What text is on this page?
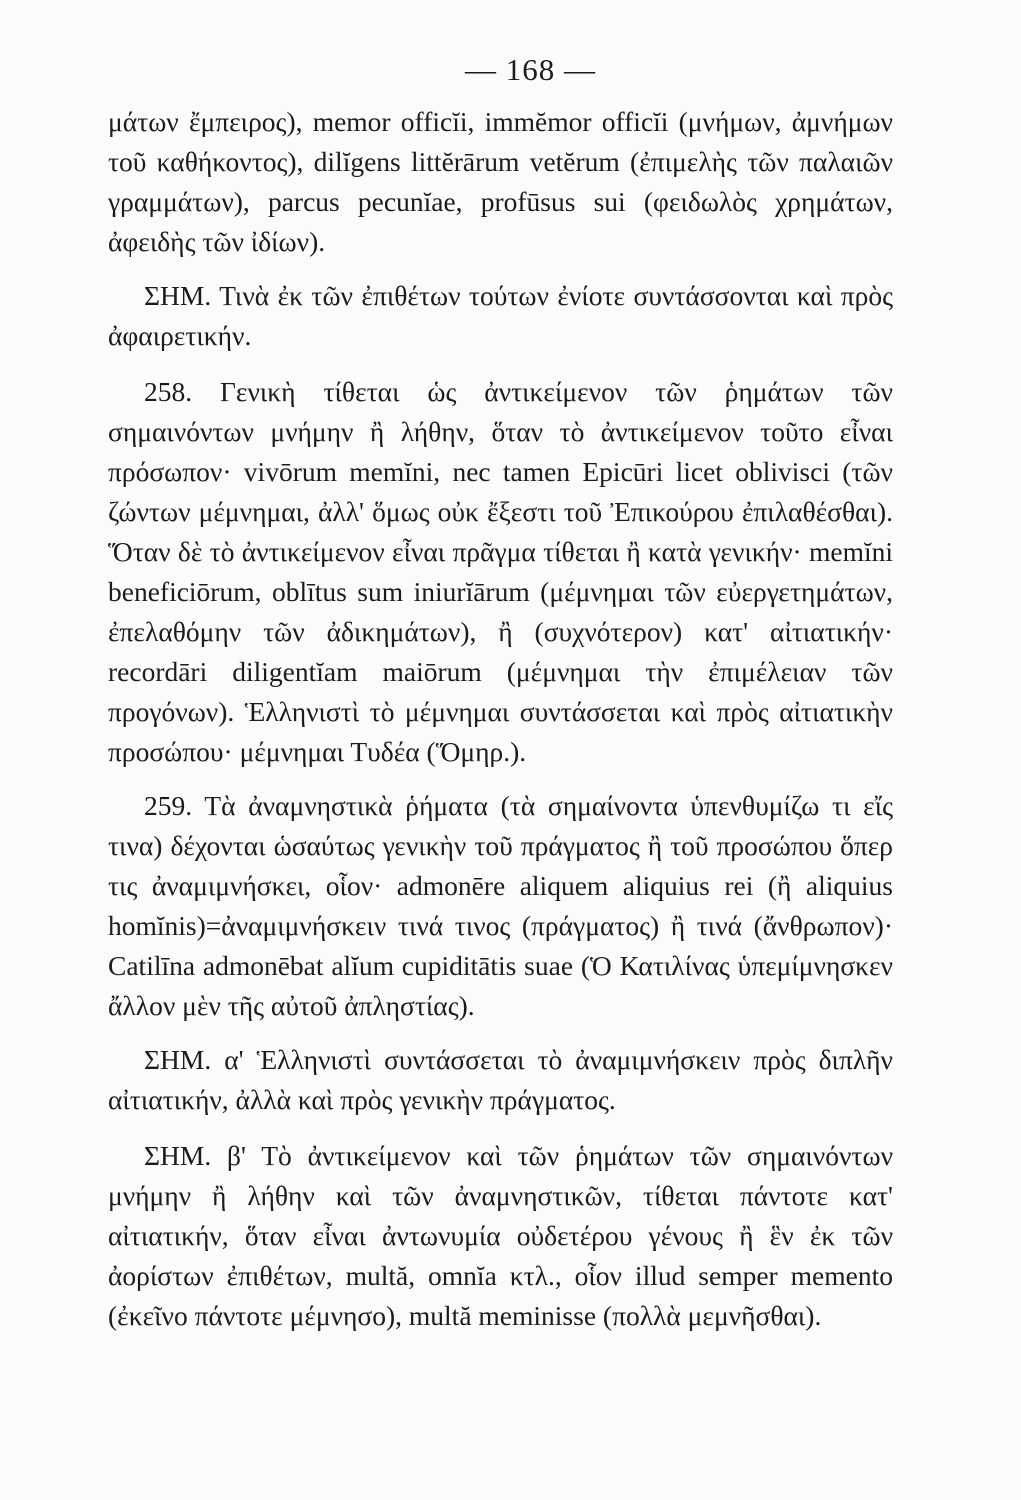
— 168 —

μάτων ἔμπειρος), memor officĭi, immĕmor officĭi (μνήμων, ἀμνήμων τοῦ καθήκοντος), dilĭgens littĕrārum vetĕrum (ἐπιμελὴς τῶν παλαιῶν γραμμάτων), parcus pecunĭae, profūsus sui (φειδωλὸς χρημάτων, ἀφειδὴς τῶν ἰδίων).

ΣΗΜ. Τινὰ ἐκ τῶν ἐπιθέτων τούτων ἐνίοτε συντάσσονται καὶ πρὸς ἀφαιρετικήν.

258. Γενικὴ τίθεται ὡς ἀντικείμενον τῶν ῥημάτων τῶν σημαινόντων μνήμην ἢ λήθην, ὅταν τὸ ἀντικείμενον τοῦτο εἶναι πρόσωπον· vivōrum memĭni, nec tamen Epicūri licet oblivisci (τῶν ζώντων μέμνημαι, ἀλλ' ὅμως οὐκ ἔξεστι τοῦ Ἐπικούρου ἐπιλαθέσθαι). Ὅταν δὲ τὸ ἀντικείμενον εἶναι πρᾶγμα τίθεται ἢ κατὰ γενικήν· memĭni beneficiōrum, oblītus sum iniurĭārum (μέμνημαι τῶν εὐεργετημάτων, ἐπελαθόμην τῶν ἀδικημάτων), ἢ (συχνότερον) κατ' αἰτιατικήν· recordāri diligentĭam maiōrum (μέμνημαι τὴν ἐπιμέλειαν τῶν προγόνων). Ἑλληνιστὶ τὸ μέμνημαι συντάσσεται καὶ πρὸς αἰτιατικὴν προσώπου· μέμνημαι Τυδέα (Ὅμηρ.).

259. Τὰ ἀναμνηστικὰ ῥήματα (τὰ σημαίνοντα ὑπενθυμίζω τι εἴς τινα) δέχονται ὡσαύτως γενικὴν τοῦ πράγματος ἢ τοῦ προσώπου ὅπερ τις ἀναμιμνήσκει, οἷον· admonēre aliquem aliquius rei (ἢ aliquius homĭnis)=ἀναμιμνήσκειν τινά τινος (πράγματος) ἢ τινά (ἄνθρωπον)· Catilīna admonēbat alĭum cupiditātis suae (Ὁ Κατιλίνας ὑπεμίμνησκεν ἄλλον μὲν τῆς αὐτοῦ ἀπληστίας).

ΣΗΜ. α' Ἑλληνιστὶ συντάσσεται τὸ ἀναμιμνήσκειν πρὸς διπλῆν αἰτιατικήν, ἀλλὰ καὶ πρὸς γενικὴν πράγματος.

ΣΗΜ. β' Τὸ ἀντικείμενον καὶ τῶν ῥημάτων τῶν σημαινόντων μνήμην ἢ λήθην καὶ τῶν ἀναμνηστικῶν, τίθεται πάντοτε κατ' αἰτιατικήν, ὅταν εἶναι ἀντωνυμία οὐδετέρου γένους ἢ ἓν ἐκ τῶν ἀορίστων ἐπιθέτων, multă, omnĭa κτλ., οἷον illud semper memento (ἐκεῖνο πάντοτε μέμνησο), multă meminisse (πολλὰ μεμνῆσθαι).
